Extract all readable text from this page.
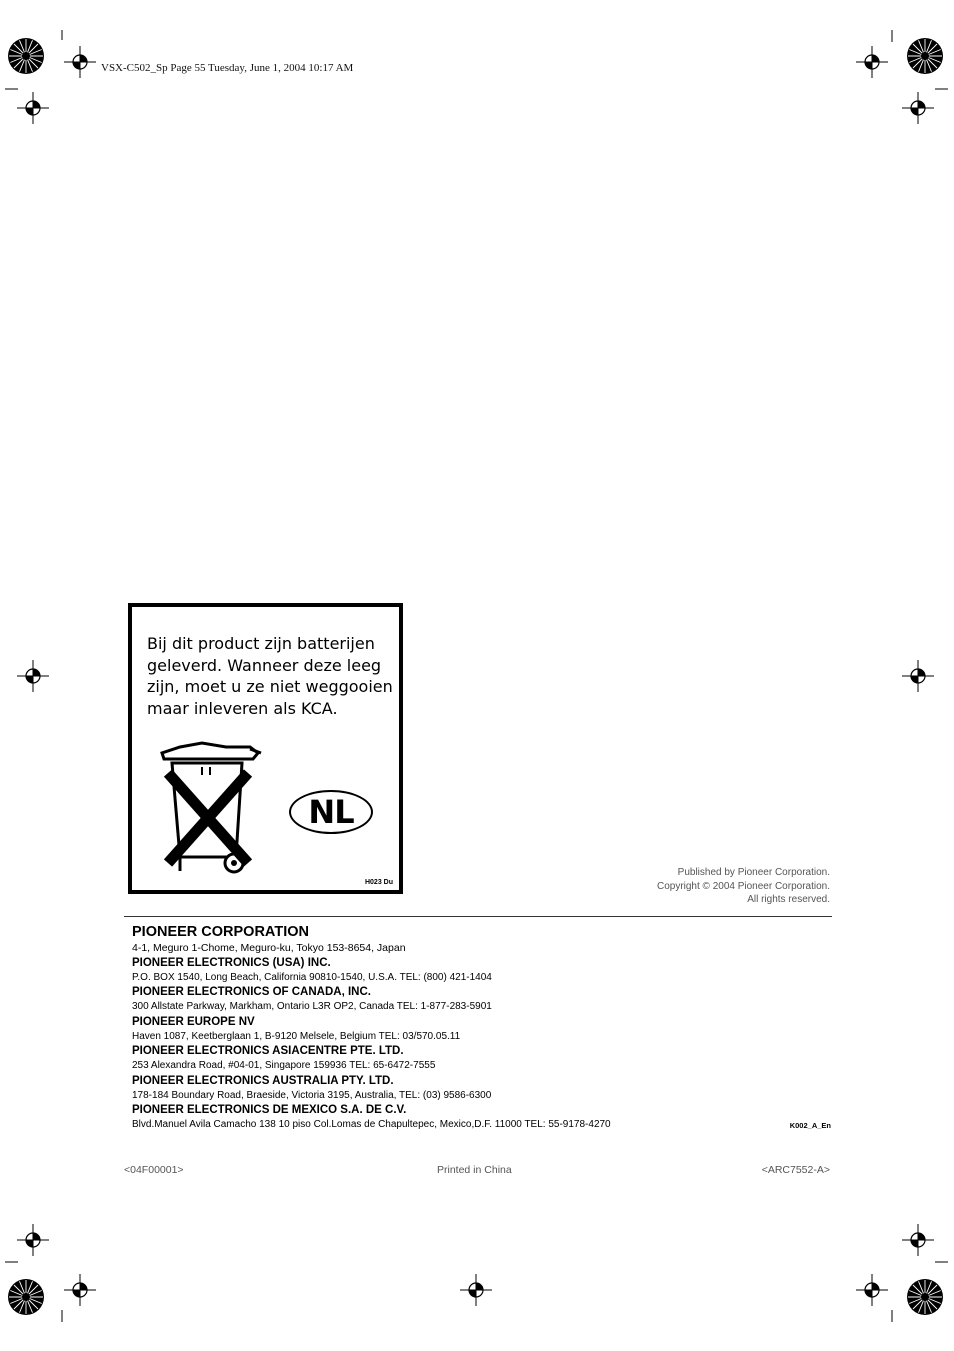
VSX-C502_Sp Page 55 Tuesday, June 1, 2004 10:17 AM
Bij dit product zijn batterijen
geleverd. Wanneer deze leeg
zijn, moet u ze niet weggooien
maar inleveren als KCA.
NL
H023 Du
Published by Pioneer Corporation.
Copyright © 2004 Pioneer Corporation.
All rights reserved.
PIONEER CORPORATION
4-1, Meguro 1-Chome, Meguro-ku, Tokyo 153-8654, Japan
PIONEER ELECTRONICS (USA) INC.
P.O. BOX 1540, Long Beach, California 90810-1540, U.S.A. TEL: (800) 421-1404
PIONEER ELECTRONICS OF CANADA, INC.
300 Allstate Parkway, Markham, Ontario L3R OP2, Canada TEL: 1-877-283-5901
PIONEER EUROPE NV
Haven 1087, Keetberglaan 1, B-9120 Melsele, Belgium TEL: 03/570.05.11
PIONEER ELECTRONICS ASIACENTRE PTE. LTD.
253 Alexandra Road, #04-01, Singapore 159936 TEL: 65-6472-7555
PIONEER ELECTRONICS AUSTRALIA PTY. LTD.
178-184 Boundary Road, Braeside, Victoria 3195, Australia, TEL: (03) 9586-6300
PIONEER ELECTRONICS DE MEXICO S.A. DE C.V.
Blvd.Manuel Avila Camacho 138 10 piso Col.Lomas de Chapultepec, Mexico,D.F. 11000 TEL: 55-9178-4270	K002_A_En
<04F00001>	Printed in China	<ARC7552-A>
